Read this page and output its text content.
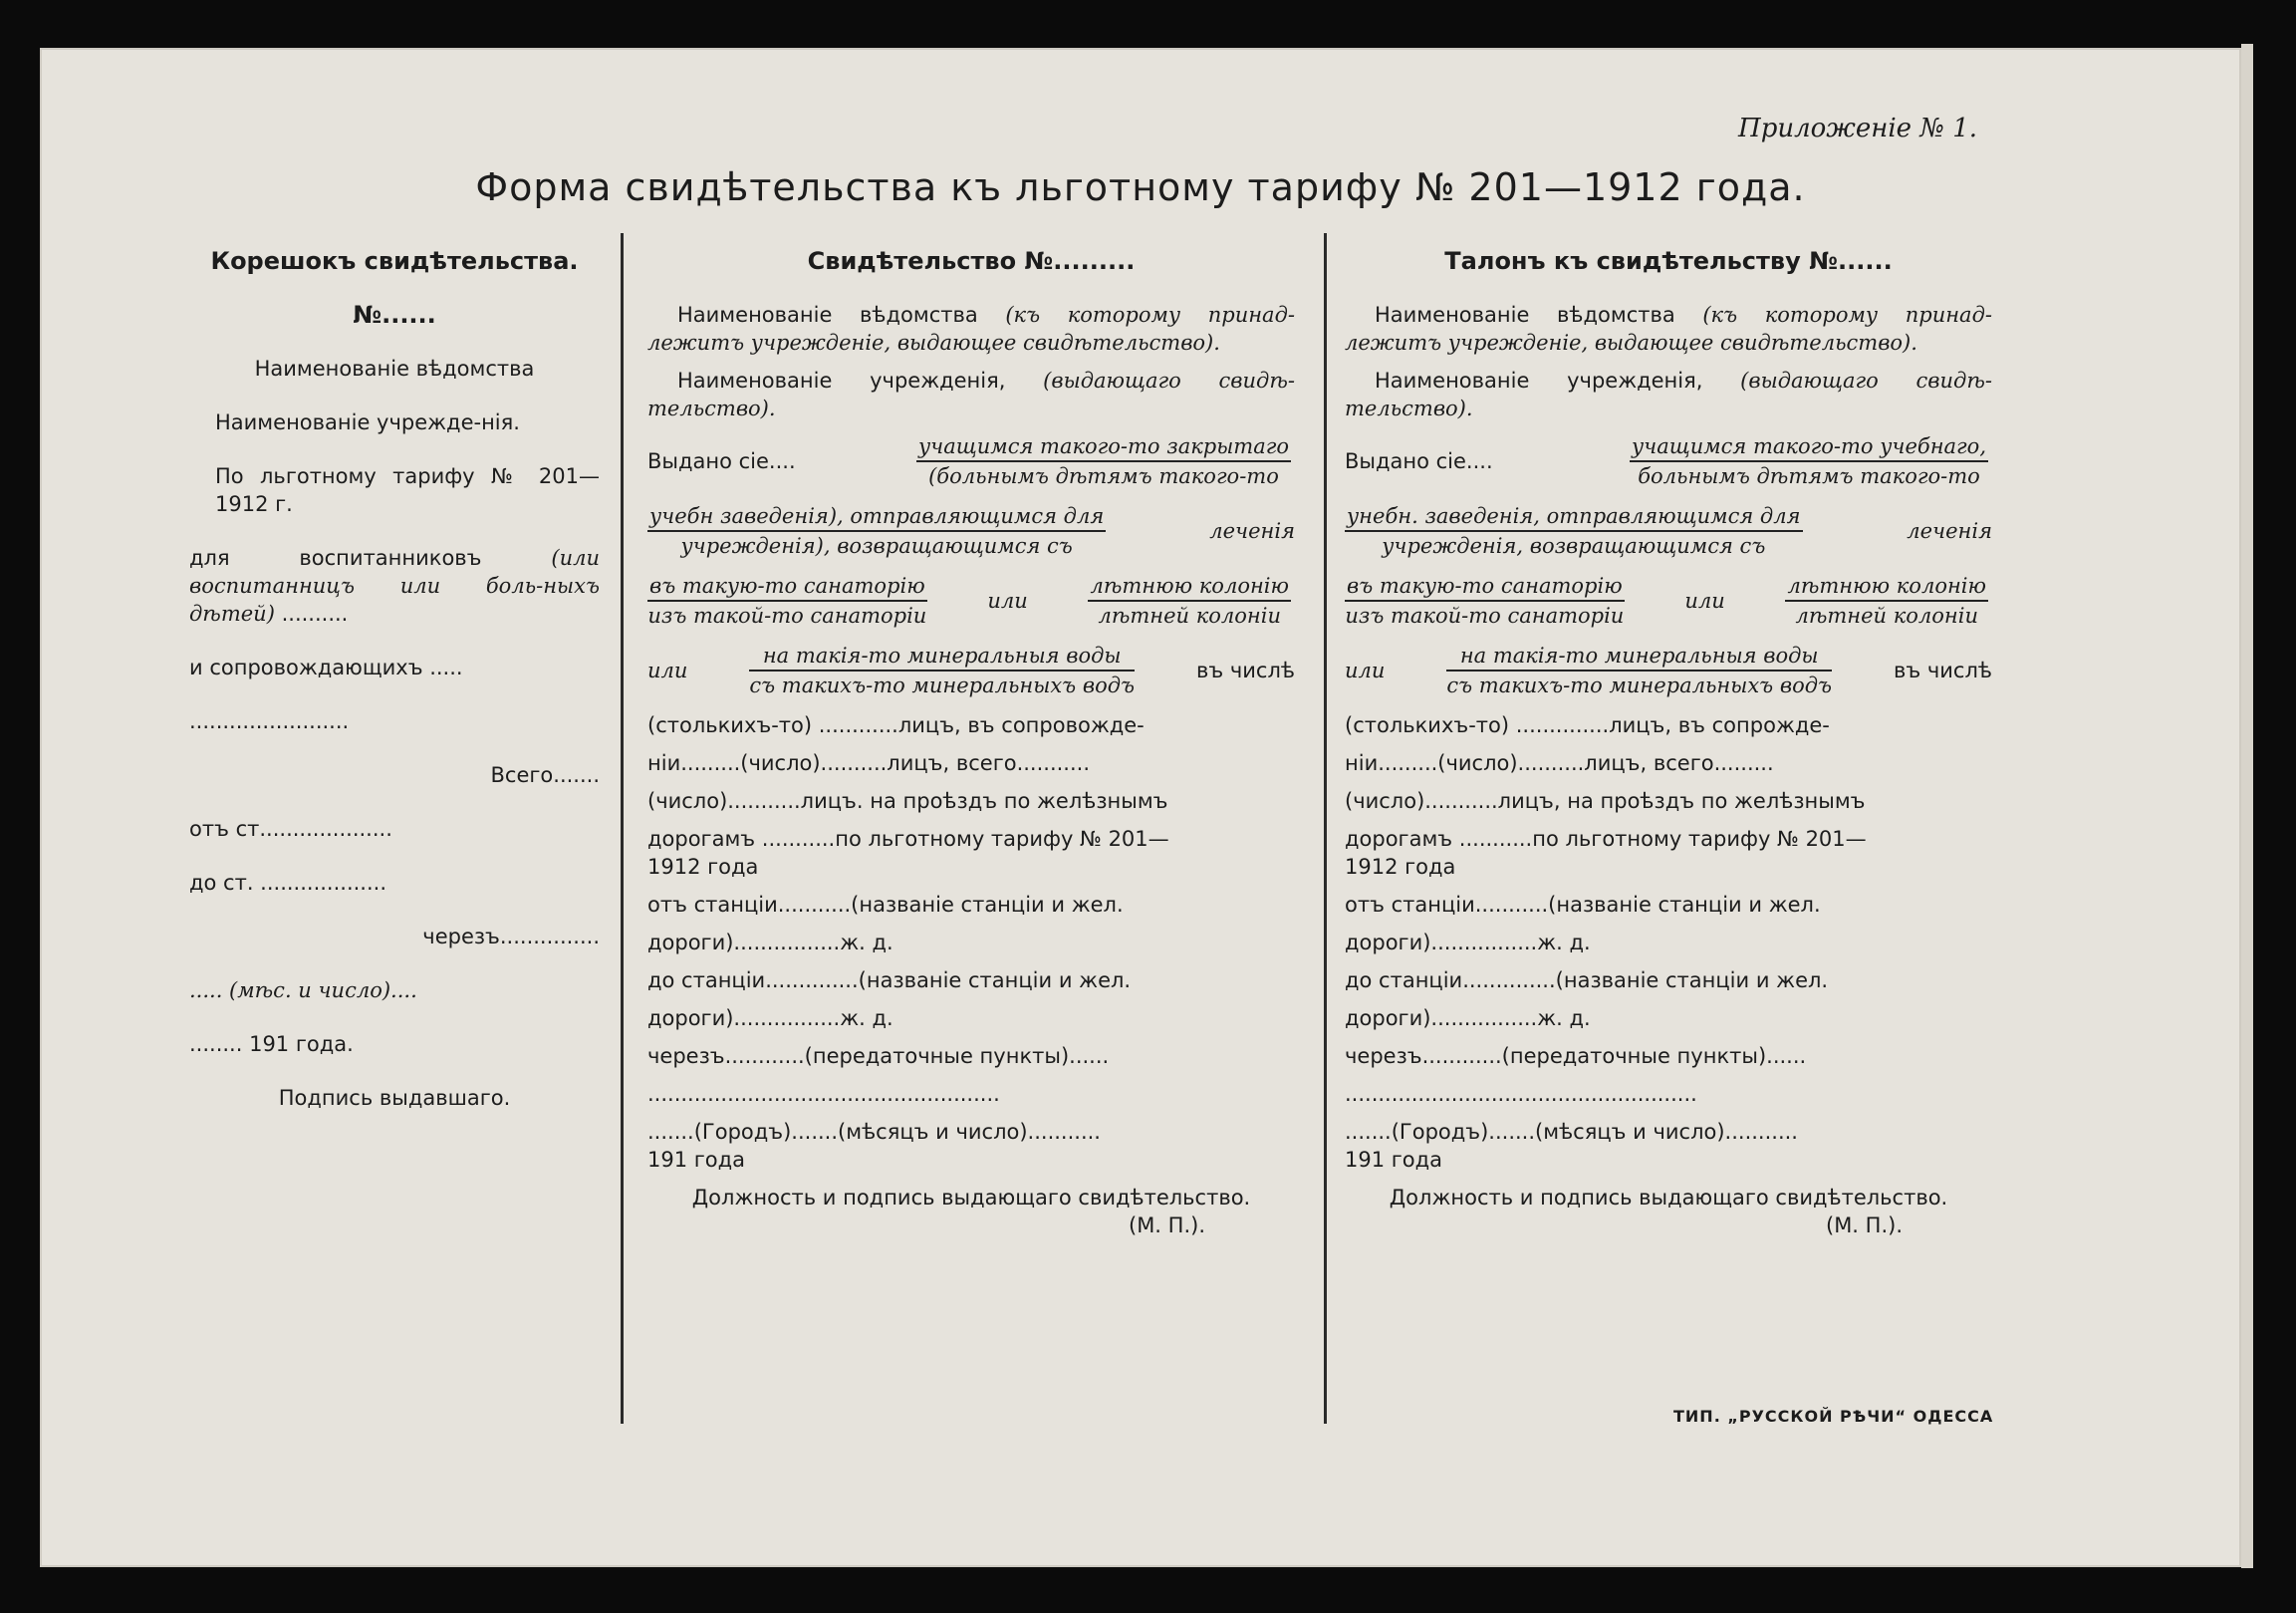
Приложеніе № 1.
Форма свидѣтельства къ льготному тарифу № 201—1912 года.
Корешокъ свидѣтельства.
№......
Наименованіе вѣдомства
Наименованіе учрежде-нія.
По льготному тарифу № 201—1912 г.
для воспитанниковъ	(или воспитанницъ или боль-ныхъ дѣтей) ..........
и сопровождающихъ .....
........................
Всего.......
отъ ст....................
до ст. ...................
черезъ...............
..... (мѣс. и число)....
........ 191 года.
Подпись выдавшаго.
Свидѣтельство №.........
Наименованіе вѣдомства (къ которому принад-лежитъ учрежденіе, выдающее свидѣтельство).
Наименованіе учрежденія, (выдающаго свидѣ-тельство).
Выдано сіе....	$\frac{\text{учащимся такого-то закрытаго}}{\text{(больнымъ дѣтямъ такого-то}}$
$\frac{\text{учебн заведенія), отправляющимся для}}{\text{учрежденія), возвращающимся съ}}$	леченія
$\frac{\text{въ такую-то санаторію}}{\text{изъ такой-то санаторіи}}$	или	$\frac{\text{лѣтнюю колонію}}{\text{лѣтней колоніи}}$
или	$\frac{\text{на такія-то минеральныя воды}}{\text{съ такихъ-то минеральныхъ водъ}}$	въ числѣ
(столькихъ-то) ............лицъ, въ сопровожде-
ніи.........(число)..........лицъ, всего...........
(число)...........лицъ. на проѣздъ по желѣзнымъ
дорогамъ ...........по льготному тарифу № 201—
1912 года
отъ станціи...........(названіе станціи и жел.
дороги)................ж. д.
до станціи..............(названіе станціи и жел.
дороги)................ж. д.
черезъ............(передаточные пункты)......
.....................................................
.......(Городъ).......(мѣсяцъ и число)...........
191 года
Должность и подпись выдающаго свидѣтельство.
(М. П.).
Талонъ къ свидѣтельству №......
Наименованіе вѣдомства (къ которому принад-лежитъ учрежденіе, выдающее свидѣтельство).
Наименованіе учрежденія, (выдающаго свидѣ-тельство).
Выдано сіе....	$\frac{\text{учащимся такого-то учебнаго,}}{\text{больнымъ дѣтямъ такого-то}}$
$\frac{\text{унебн. заведенія, отправляющимся для}}{\text{учрежденія, возвращающимся съ}}$	леченія
$\frac{\text{въ такую-то санаторію}}{\text{изъ такой-то санаторіи}}$	или	$\frac{\text{лѣтнюю колонію}}{\text{лѣтней колоніи}}$
или	$\frac{\text{на такія-то минеральныя воды}}{\text{съ такихъ-то минеральныхъ водъ}}$	въ числѣ
(столькихъ-то) ..............лицъ, въ сопрожде-
ніи.........(число)..........лицъ, всего.........
(число)...........лицъ, на проѣздъ по желѣзнымъ
дорогамъ ...........по льготному тарифу № 201—
1912 года
отъ станціи...........(названіе станціи и жел.
дороги)................ж. д.
до станціи..............(названіе станціи и жел.
дороги)................ж. д.
черезъ............(передаточные пункты)......
.....................................................
.......(Городъ).......(мѣсяцъ и число)...........
191 года
Должность и подпись выдающаго свидѣтельство.
(М. П.).
ТИП. „РУССКОЙ РѢЧИ“ ОДЕССА
